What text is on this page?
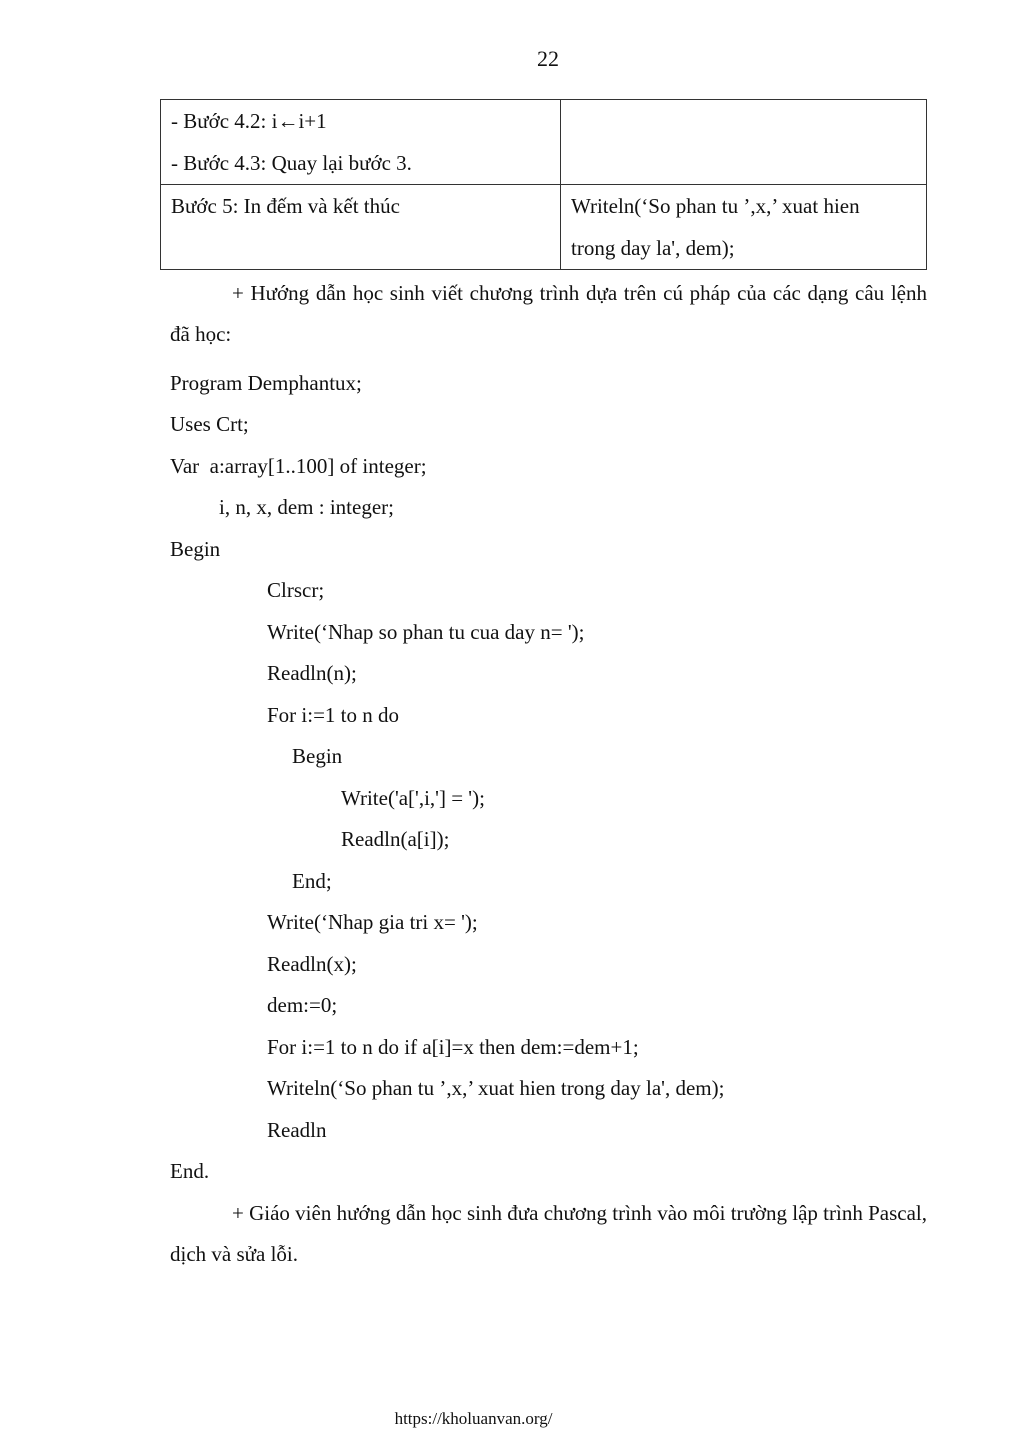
22
- Bước 4.2: i←i+1
- Bước 4.3: Quay lại bước 3.	

Bước 5: In đếm và kết thúc	Writeln(‘So phan tu ’,x,’ xuat hien
trong day la', dem);
+ Hướng dẫn học sinh viết chương trình dựa trên cú pháp của các dạng câu lệnh đã học:
Program Demphantux;
Uses Crt;
Var  a:array[1..100] of integer;
i, n, x, dem : integer;
Begin
Clrscr;
Write(‘Nhap so phan tu cua day n= ');
Readln(n);
For i:=1 to n do
Begin
Write('a[',i,'] = ');
Readln(a[i]);
End;
Write(‘Nhap gia tri x= ');
Readln(x);
dem:=0;
For i:=1 to n do if a[i]=x then dem:=dem+1;
Writeln(‘So phan tu ’,x,’ xuat hien trong day la', dem);
Readln
End.
+ Giáo viên hướng dẫn học sinh đưa chương trình vào môi trường lập trình Pascal, dịch và sửa lỗi.
https://kholuanvan.org/
